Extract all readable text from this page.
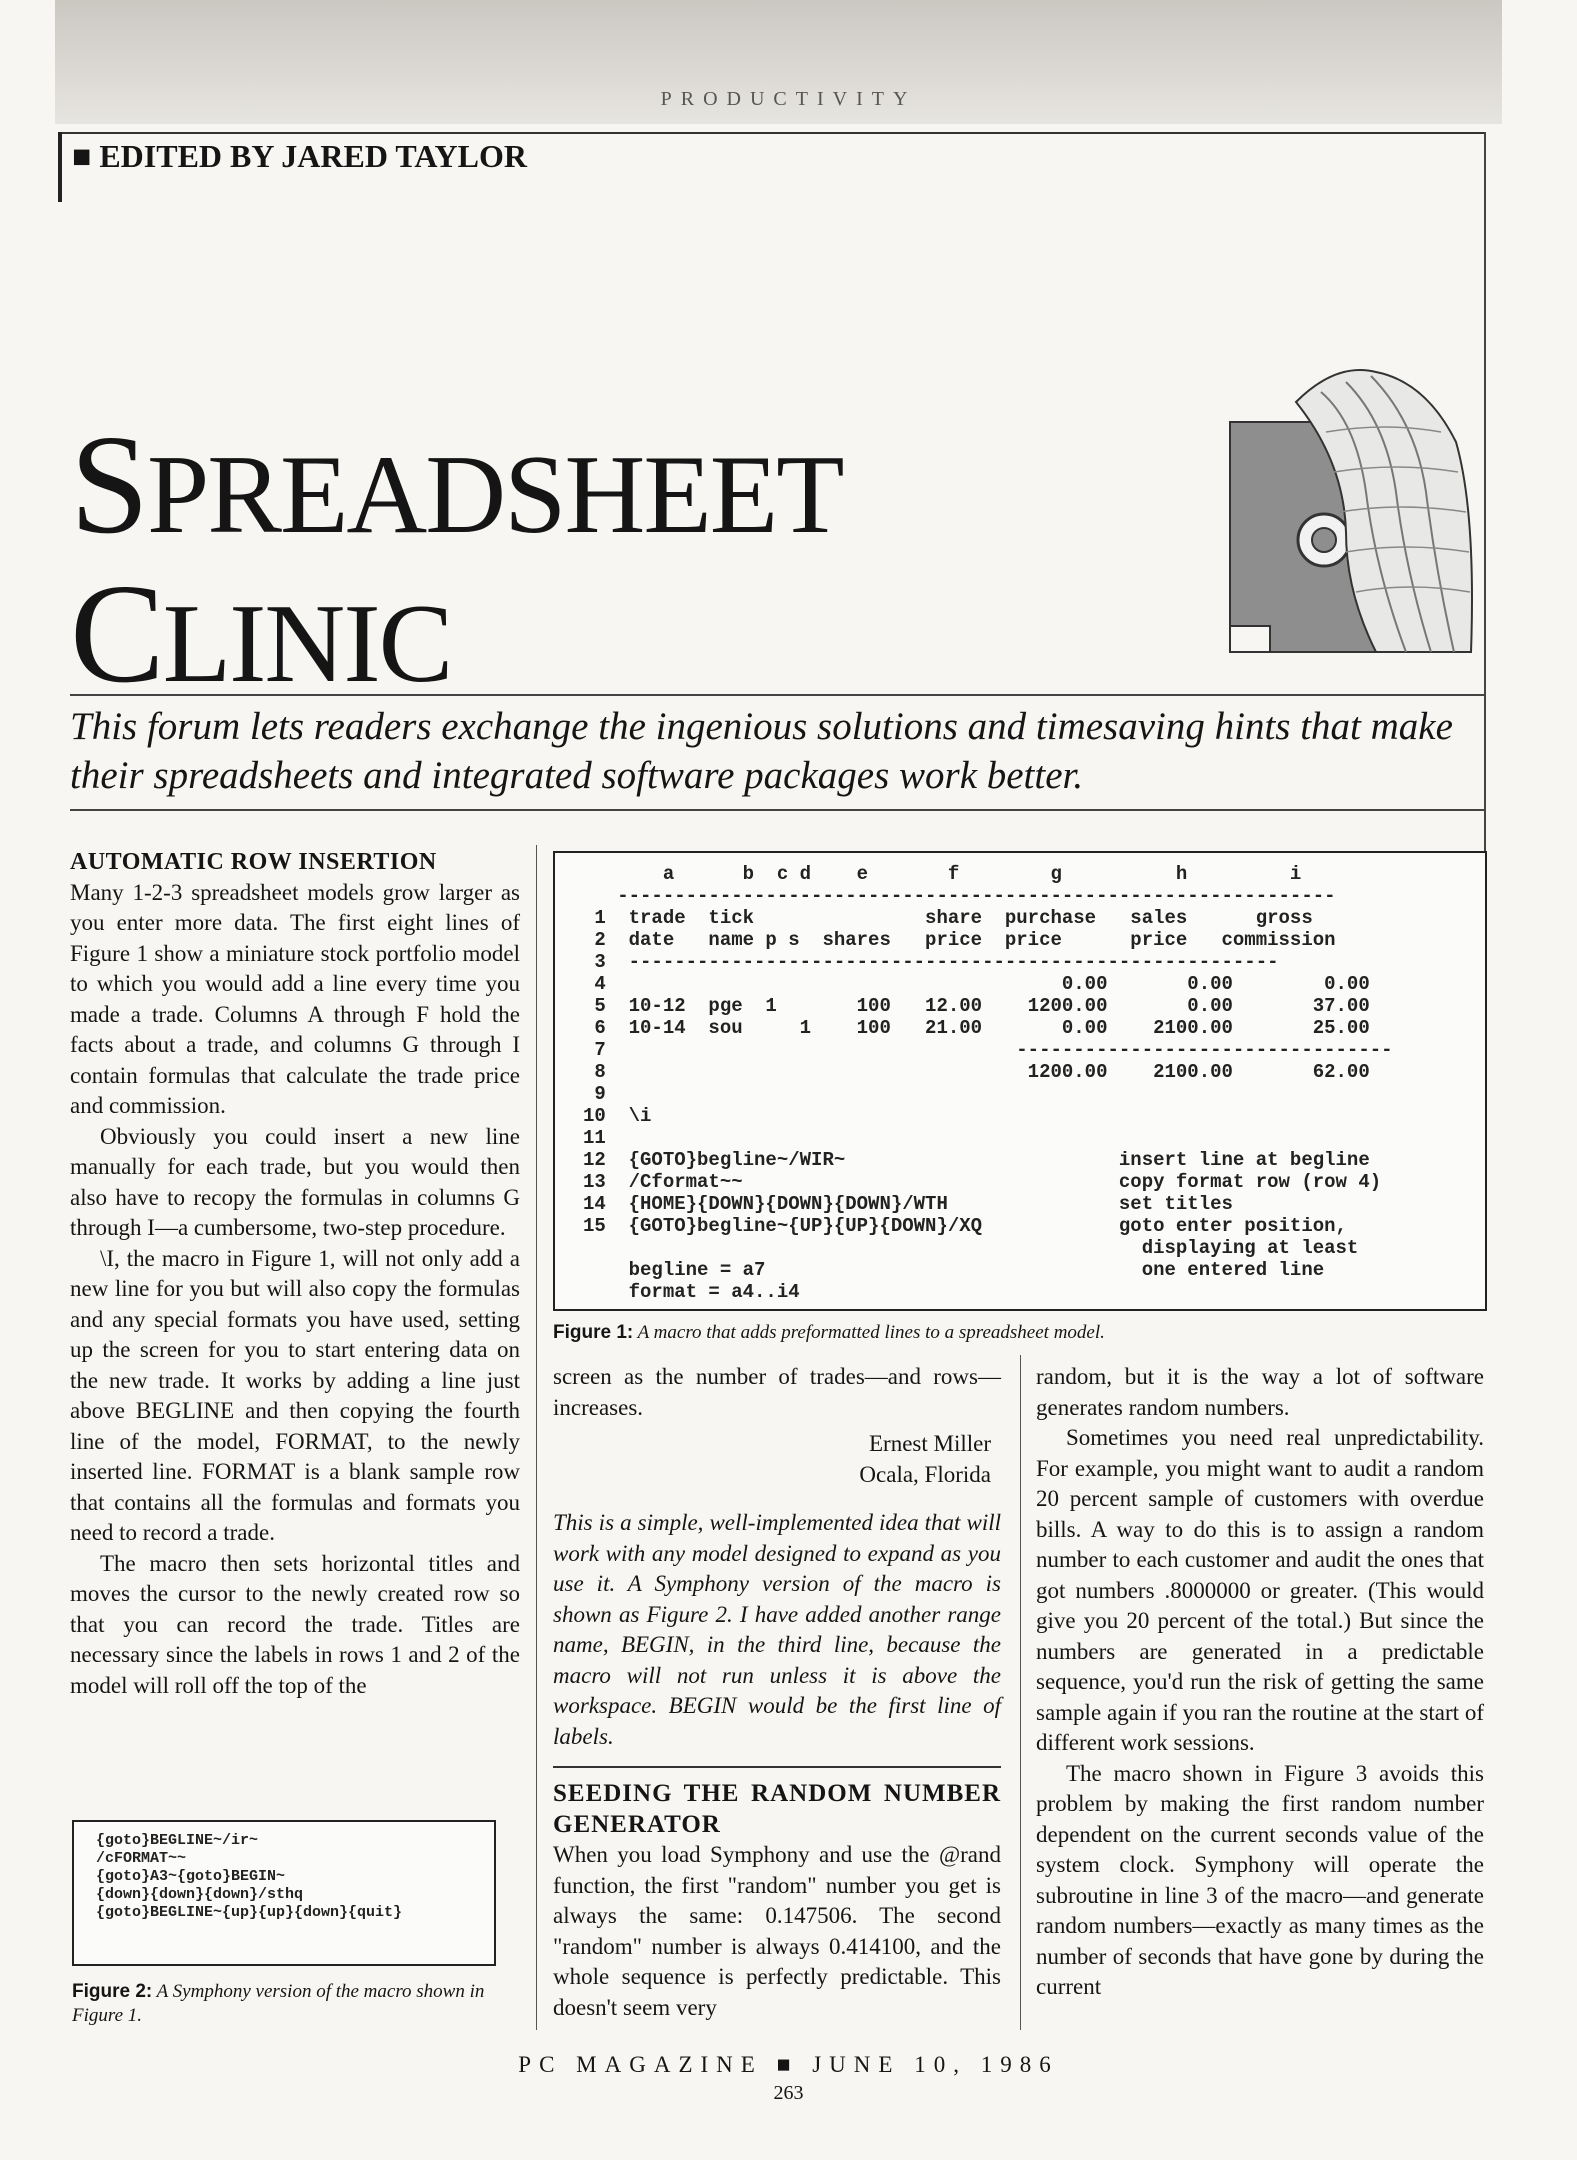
PRODUCTIVITY
■ EDITED BY JARED TAYLOR
SPREADSHEET
CLINIC
This forum lets readers exchange the ingenious solutions and timesaving hints that make their spreadsheets and integrated software packages work better.
AUTOMATIC ROW INSERTION

Many 1-2-3 spreadsheet models grow larger as you enter more data. The first eight lines of Figure 1 show a miniature stock portfolio model to which you would add a line every time you made a trade. Columns A through F hold the facts about a trade, and columns G through I contain formulas that calculate the trade price and commission.

Obviously you could insert a new line manually for each trade, but you would then also have to recopy the formulas in columns G through I—a cumbersome, two-step procedure.

\I, the macro in Figure 1, will not only add a new line for you but will also copy the formulas and any special formats you have used, setting up the screen for you to start entering data on the new trade. It works by adding a line just above BEGLINE and then copying the fourth line of the model, FORMAT, to the newly inserted line. FORMAT is a blank sample row that contains all the formulas and formats you need to record a trade.

The macro then sets horizontal titles and moves the cursor to the newly created row so that you can record the trade. Titles are necessary since the labels in rows 1 and 2 of the model will roll off the top of the

{goto}BEGLINE~/ir~
/cFORMAT~~
{goto}A3~{goto}BEGIN~
{down}{down}{down}/sthq
{goto}BEGLINE~{up}{up}{down}{quit}
Figure 2: A Symphony version of the macro shown in Figure 1.
a      b  c d    e       f        g          h         i
---------------------------------------------------------------
1  trade  tick               share  purchase   sales      gross
2  date   name p s  shares   price  price      price   commission
3  ---------------------------------------------------------
4                                        0.00       0.00        0.00
5  10-12  pge  1       100   12.00    1200.00       0.00       37.00
6  10-14  sou     1    100   21.00       0.00    2100.00       25.00
7                                    ---------------------------------
8                                     1200.00    2100.00       62.00
9
10  \i
11
12  {GOTO}begline~/WIR~                        insert line at begline
13  /Cformat~~                                 copy format row (row 4)
14  {HOME}{DOWN}{DOWN}{DOWN}/WTH               set titles
15  {GOTO}begline~{UP}{UP}{DOWN}/XQ            goto enter position,
displaying at least
begline = a7                                 one entered line
format = a4..i4
Figure 1: A macro that adds preformatted lines to a spreadsheet model.

screen as the number of trades—and rows—increases.

Ernest Miller
Ocala, Florida

This is a simple, well-implemented idea that will work with any model designed to expand as you use it. A Symphony version of the macro is shown as Figure 2. I have added another range name, BEGIN, in the third line, because the macro will not run unless it is above the workspace. BEGIN would be the first line of labels.

SEEDING THE RANDOM NUMBER GENERATOR

When you load Symphony and use the @rand function, the first "random" number you get is always the same: 0.147506. The second "random" number is always 0.414100, and the whole sequence is perfectly predictable. This doesn't seem very

random, but it is the way a lot of software generates random numbers.

Sometimes you need real unpredictability. For example, you might want to audit a random 20 percent sample of customers with overdue bills. A way to do this is to assign a random number to each customer and audit the ones that got numbers .8000000 or greater. (This would give you 20 percent of the total.) But since the numbers are generated in a predictable sequence, you'd run the risk of getting the same sample again if you ran the routine at the start of different work sessions.

The macro shown in Figure 3 avoids this problem by making the first random number dependent on the current seconds value of the system clock. Symphony will operate the subroutine in line 3 of the macro—and generate random numbers—exactly as many times as the number of seconds that have gone by during the current

PC MAGAZINE ■ JUNE 10, 1986
263
